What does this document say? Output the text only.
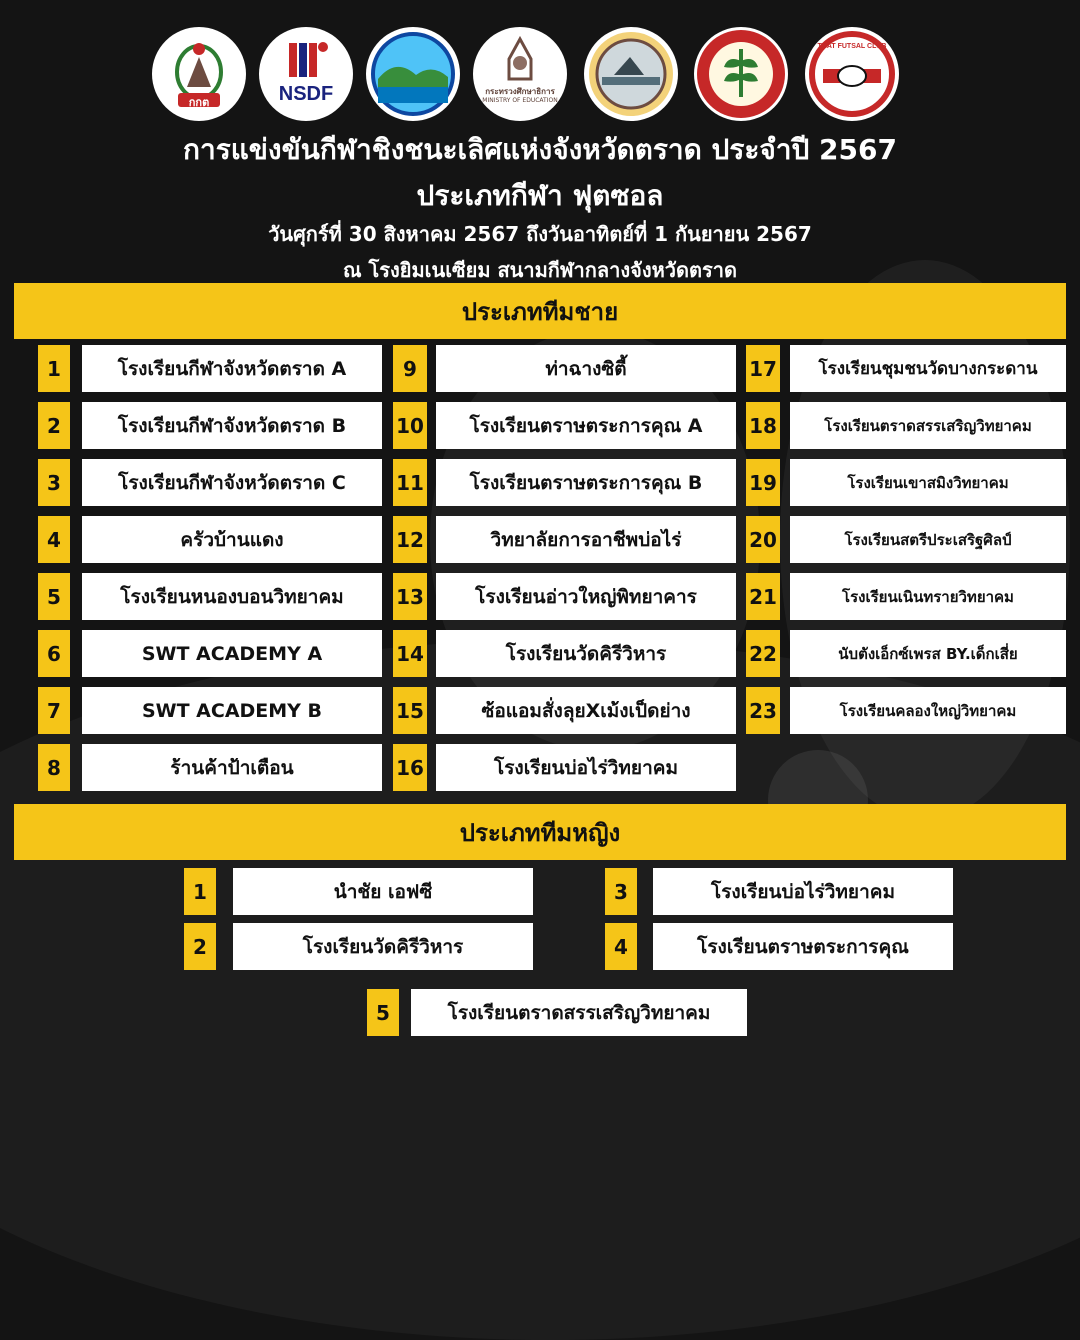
กกต	NSDF	กระทรวงศึกษาธิการ
MINISTRY OF EDUCATION
TRAT FUTSAL CLUB
การแข่งขันกีฬาชิงชนะเลิศแห่งจังหวัดตราด ประจำปี 2567
ประเภทกีฬา ฟุตซอล
วันศุกร์ที่ 30 สิงหาคม 2567 ถึงวันอาทิตย์ที่ 1 กันยายน 2567
ณ โรงยิมเนเซียม สนามกีฬากลางจังหวัดตราด
ประเภททีมชาย
1	โรงเรียนกีฬาจังหวัดตราด A
2	โรงเรียนกีฬาจังหวัดตราด B
3	โรงเรียนกีฬาจังหวัดตราด C
4	ครัวบ้านแดง
5	โรงเรียนหนองบอนวิทยาคม
6	SWT ACADEMY A
7	SWT ACADEMY B
8	ร้านค้าป้าเตือน
9	ท่าฉางซิตี้
10	โรงเรียนตราษตระการคุณ A
11	โรงเรียนตราษตระการคุณ B
12	วิทยาลัยการอาชีพบ่อไร่
13	โรงเรียนอ่าวใหญ่พิทยาคาร
14	โรงเรียนวัดคิรีวิหาร
15	ซ้อแอมสั่งลุยXเม้งเป็ดย่าง
16	โรงเรียนบ่อไร่วิทยาคม
17	โรงเรียนชุมชนวัดบางกระดาน
18	โรงเรียนตราดสรรเสริญวิทยาคม
19	โรงเรียนเขาสมิงวิทยาคม
20	โรงเรียนสตรีประเสริฐศิลป์
21	โรงเรียนเนินทรายวิทยาคม
22	นับตังเอ็กซ์เพรส BY.เด็กเสี่ย
23	โรงเรียนคลองใหญ่วิทยาคม
ประเภททีมหญิง
1	นำชัย เอฟซี
2	โรงเรียนวัดคิรีวิหาร
3	โรงเรียนบ่อไร่วิทยาคม
4	โรงเรียนตราษตระการคุณ
5	โรงเรียนตราดสรรเสริญวิทยาคม
